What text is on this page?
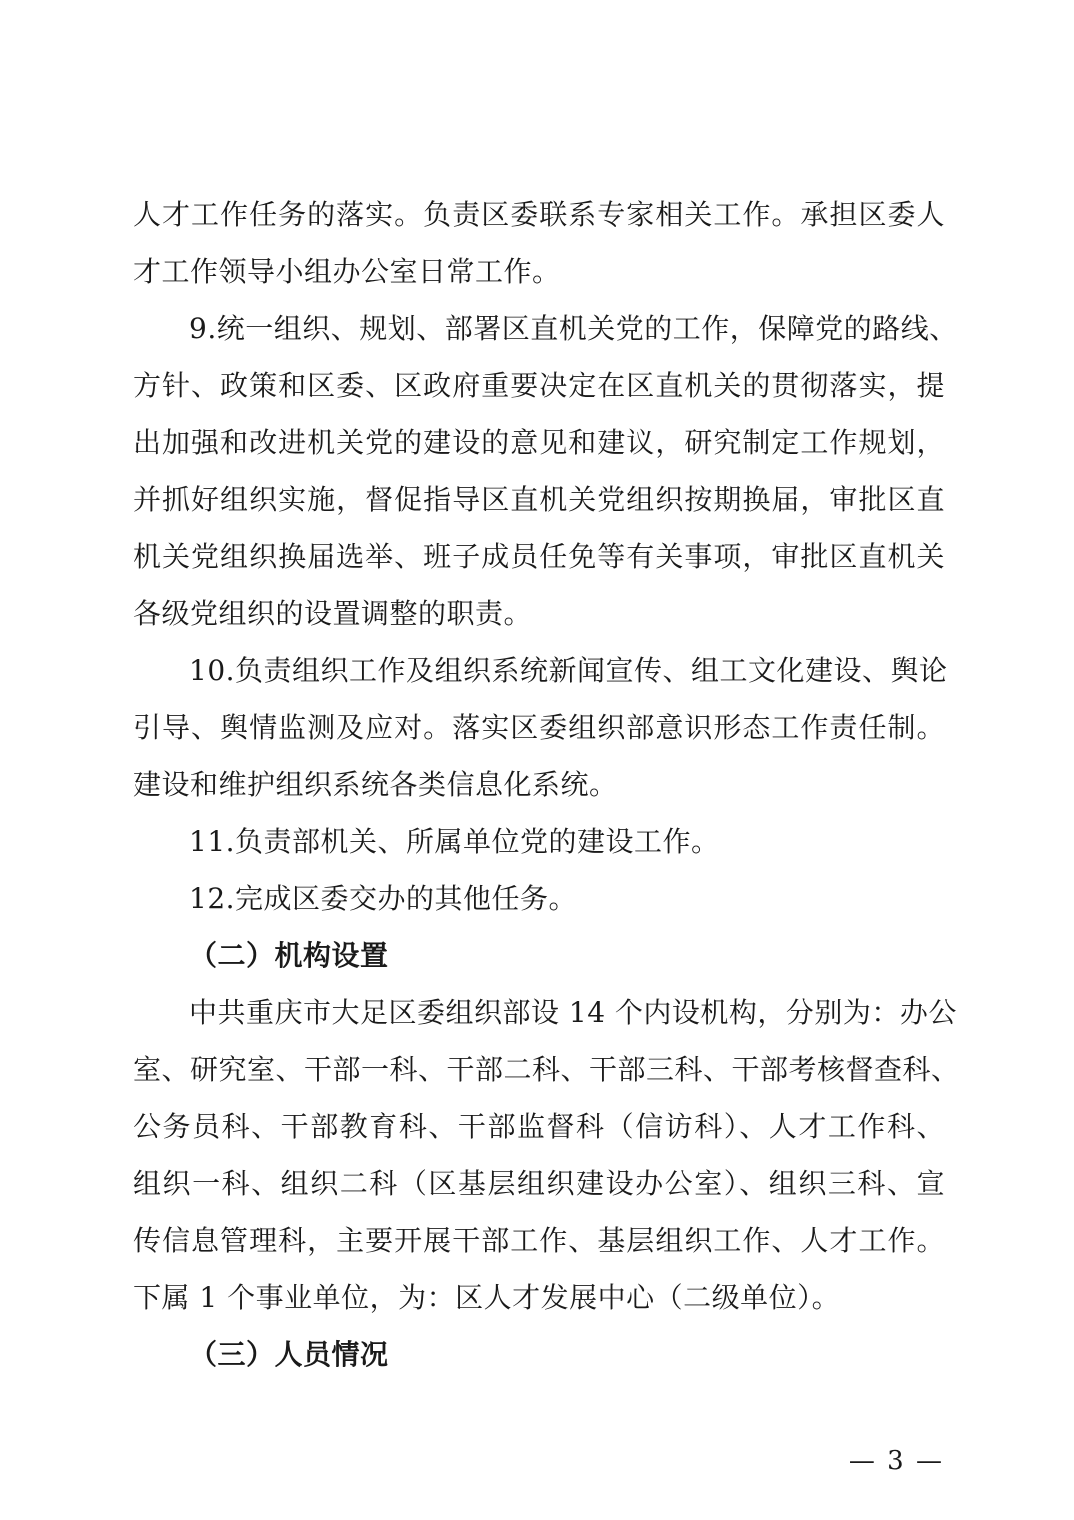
人才工作任务的落实。负责区委联系专家相关工作。承担区委人
才工作领导小组办公室日常工作。
9.统一组织、规划、部署区直机关党的工作，保障党的路线、
方针、政策和区委、区政府重要决定在区直机关的贯彻落实，提
出加强和改进机关党的建设的意见和建议，研究制定工作规划，
并抓好组织实施，督促指导区直机关党组织按期换届，审批区直
机关党组织换届选举、班子成员任免等有关事项，审批区直机关
各级党组织的设置调整的职责。
10.负责组织工作及组织系统新闻宣传、组工文化建设、舆论
引导、舆情监测及应对。落实区委组织部意识形态工作责任制。
建设和维护组织系统各类信息化系统。
11.负责部机关、所属单位党的建设工作。
12.完成区委交办的其他任务。
（二）机构设置
中共重庆市大足区委组织部设 14 个内设机构，分别为：办公
室、研究室、干部一科、干部二科、干部三科、干部考核督查科、
公务员科、干部教育科、干部监督科（信访科）、人才工作科、
组织一科、组织二科（区基层组织建设办公室）、组织三科、宣
传信息管理科，主要开展干部工作、基层组织工作、人才工作。
下属 1 个事业单位，为：区人才发展中心（二级单位）。
（三）人员情况
— 3 —
